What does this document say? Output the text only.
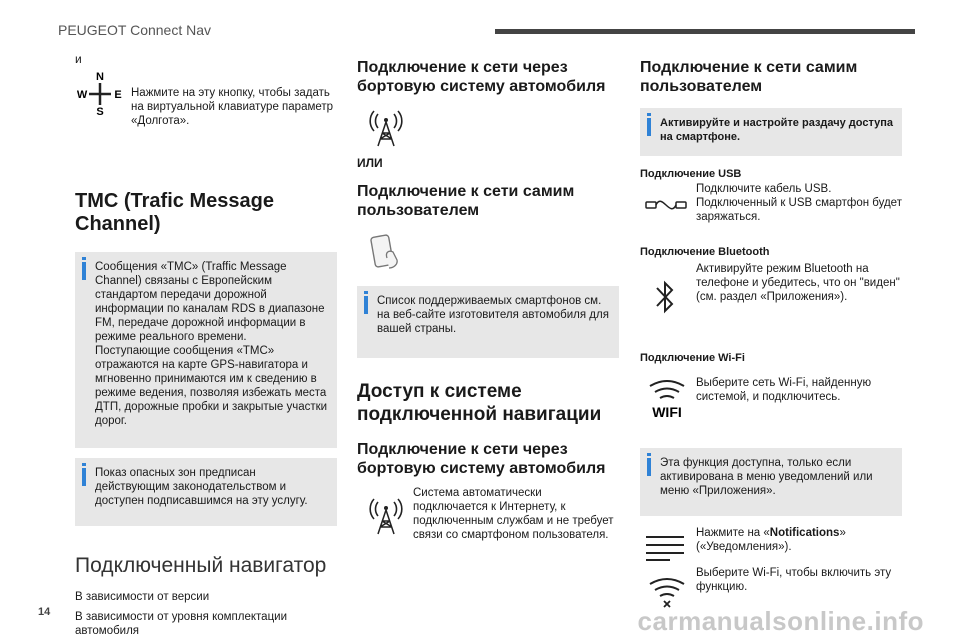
PEUGEOT Connect Nav
и
N
W E
S
Нажмите на эту кнопку, чтобы задать на виртуальной клавиатуре параметр «Долгота».
TMC (Trafic Message Channel)
Сообщения «TMC» (Traffic Message Channel) связаны с Европейским стандартом передачи дорожной информации по каналам RDS в диапазоне FM, передаче дорожной информации в режиме реального времени.
Поступающие сообщения «TMC» отражаются на карте GPS-навигатора и мгновенно принимаются им к сведению в режиме ведения, позволяя избежать места ДТП, дорожные пробки и закрытые участки дорог.
Показ опасных зон предписан действующим законодательством и доступен подписавшимся на эту услугу.
Подключенный навигатор
В зависимости от версии
В зависимости от уровня комплектации автомобиля
Подключение к сети через бортовую систему автомобиля
ИЛИ
Подключение к сети самим пользователем
Список поддерживаемых смартфонов см. на веб-сайте изготовителя автомобиля для вашей страны.
Доступ к системе подключенной навигации
Подключение к сети через бортовую систему автомобиля
Система автоматически подключается к Интернету, к подключенным службам и не требует связи со смартфоном пользователя.
Подключение к сети самим пользователем
Активируйте и настройте раздачу доступа на смартфоне.
Подключение USB
Подключите кабель USB. Подключенный к USB смартфон будет заряжаться.
Подключение Bluetooth
Активируйте режим Bluetooth на телефоне и убедитесь, что он "виден" (см. раздел «Приложения»).
Подключение Wi-Fi
WIFI
Выберите сеть Wi-Fi, найденную системой, и подключитесь.
Эта функция доступна, только если активирована в меню уведомлений или меню «Приложения».
Нажмите на «Notifications» («Уведомления»).
Выберите Wi-Fi, чтобы включить эту функцию.
14	carmanualsonline.info
